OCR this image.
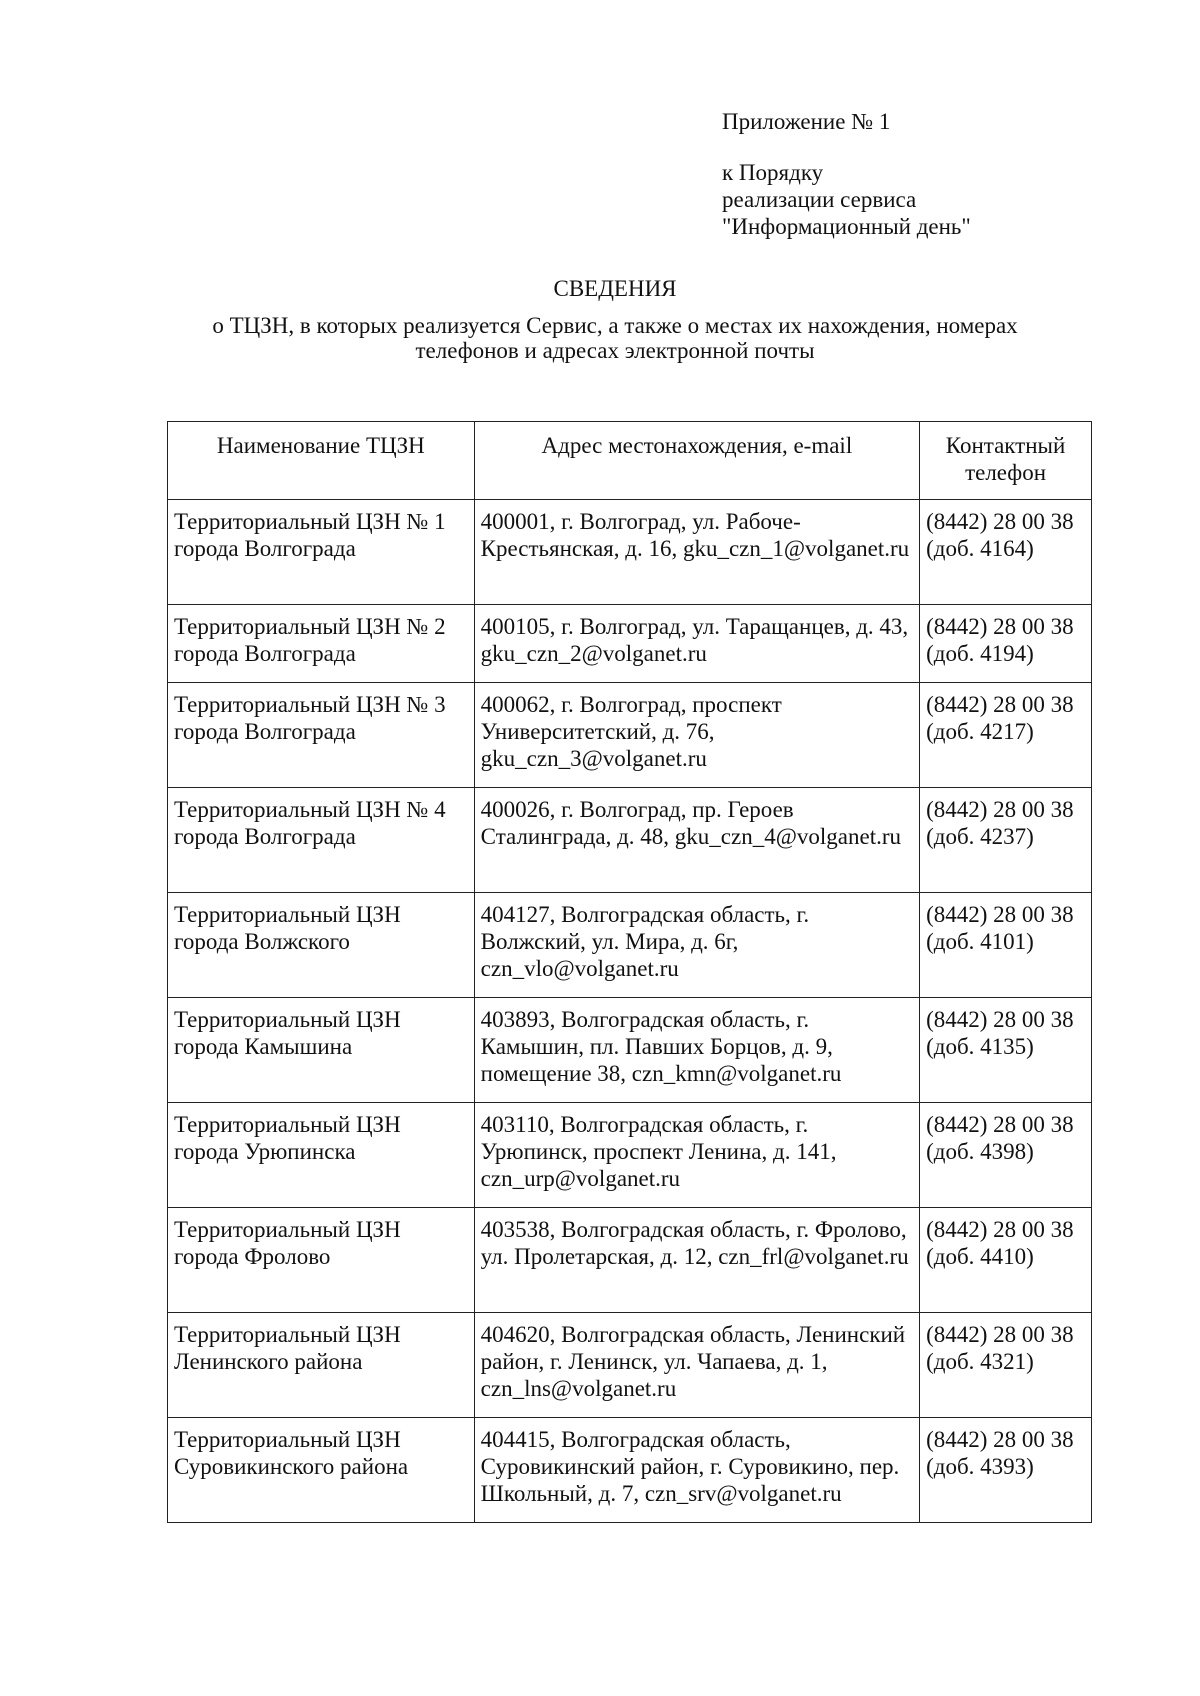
Приложение № 1
к Порядку
реализации сервиса
"Информационный день"
СВЕДЕНИЯ
о ТЦЗН, в которых реализуется Сервис, а также о местах их нахождения, номерах
телефонов и адресах электронной почты
Наименование ТЦЗН	Адрес местонахождения, e-mail	Контактный телефон
Территориальный ЦЗН № 1 города Волгограда	400001, г. Волгоград, ул. Рабоче-Крестьянская, д. 16, gku_czn_1@volganet.ru	(8442) 28 00 38 (доб. 4164)
Территориальный ЦЗН № 2 города Волгограда	400105, г. Волгоград, ул. Таращанцев, д. 43, gku_czn_2@volganet.ru	(8442) 28 00 38 (доб. 4194)
Территориальный ЦЗН № 3 города Волгограда	400062, г. Волгоград, проспект Университетский, д. 76, gku_czn_3@volganet.ru	(8442) 28 00 38 (доб. 4217)
Территориальный ЦЗН № 4 города Волгограда	400026, г. Волгоград, пр. Героев Сталинграда, д. 48, gku_czn_4@volganet.ru	(8442) 28 00 38 (доб. 4237)
Территориальный ЦЗН города Волжского	404127, Волгоградская область, г. Волжский, ул. Мира, д. 6г, czn_vlo@volganet.ru	(8442) 28 00 38 (доб. 4101)
Территориальный ЦЗН города Камышина	403893, Волгоградская область, г. Камышин, пл. Павших Борцов, д. 9, помещение 38, czn_kmn@volganet.ru	(8442) 28 00 38 (доб. 4135)
Территориальный ЦЗН города Урюпинска	403110, Волгоградская область, г. Урюпинск, проспект Ленина, д. 141, czn_urp@volganet.ru	(8442) 28 00 38 (доб. 4398)
Территориальный ЦЗН города Фролово	403538, Волгоградская область, г. Фролово, ул. Пролетарская, д. 12, czn_frl@volganet.ru	(8442) 28 00 38 (доб. 4410)
Территориальный ЦЗН Ленинского района	404620, Волгоградская область, Ленинский район, г. Ленинск, ул. Чапаева, д. 1, czn_lns@volganet.ru	(8442) 28 00 38 (доб. 4321)
Территориальный ЦЗН Суровикинского района	404415, Волгоградская область, Суровикинский район, г. Суровикино, пер. Школьный, д. 7, czn_srv@volganet.ru	(8442) 28 00 38 (доб. 4393)
